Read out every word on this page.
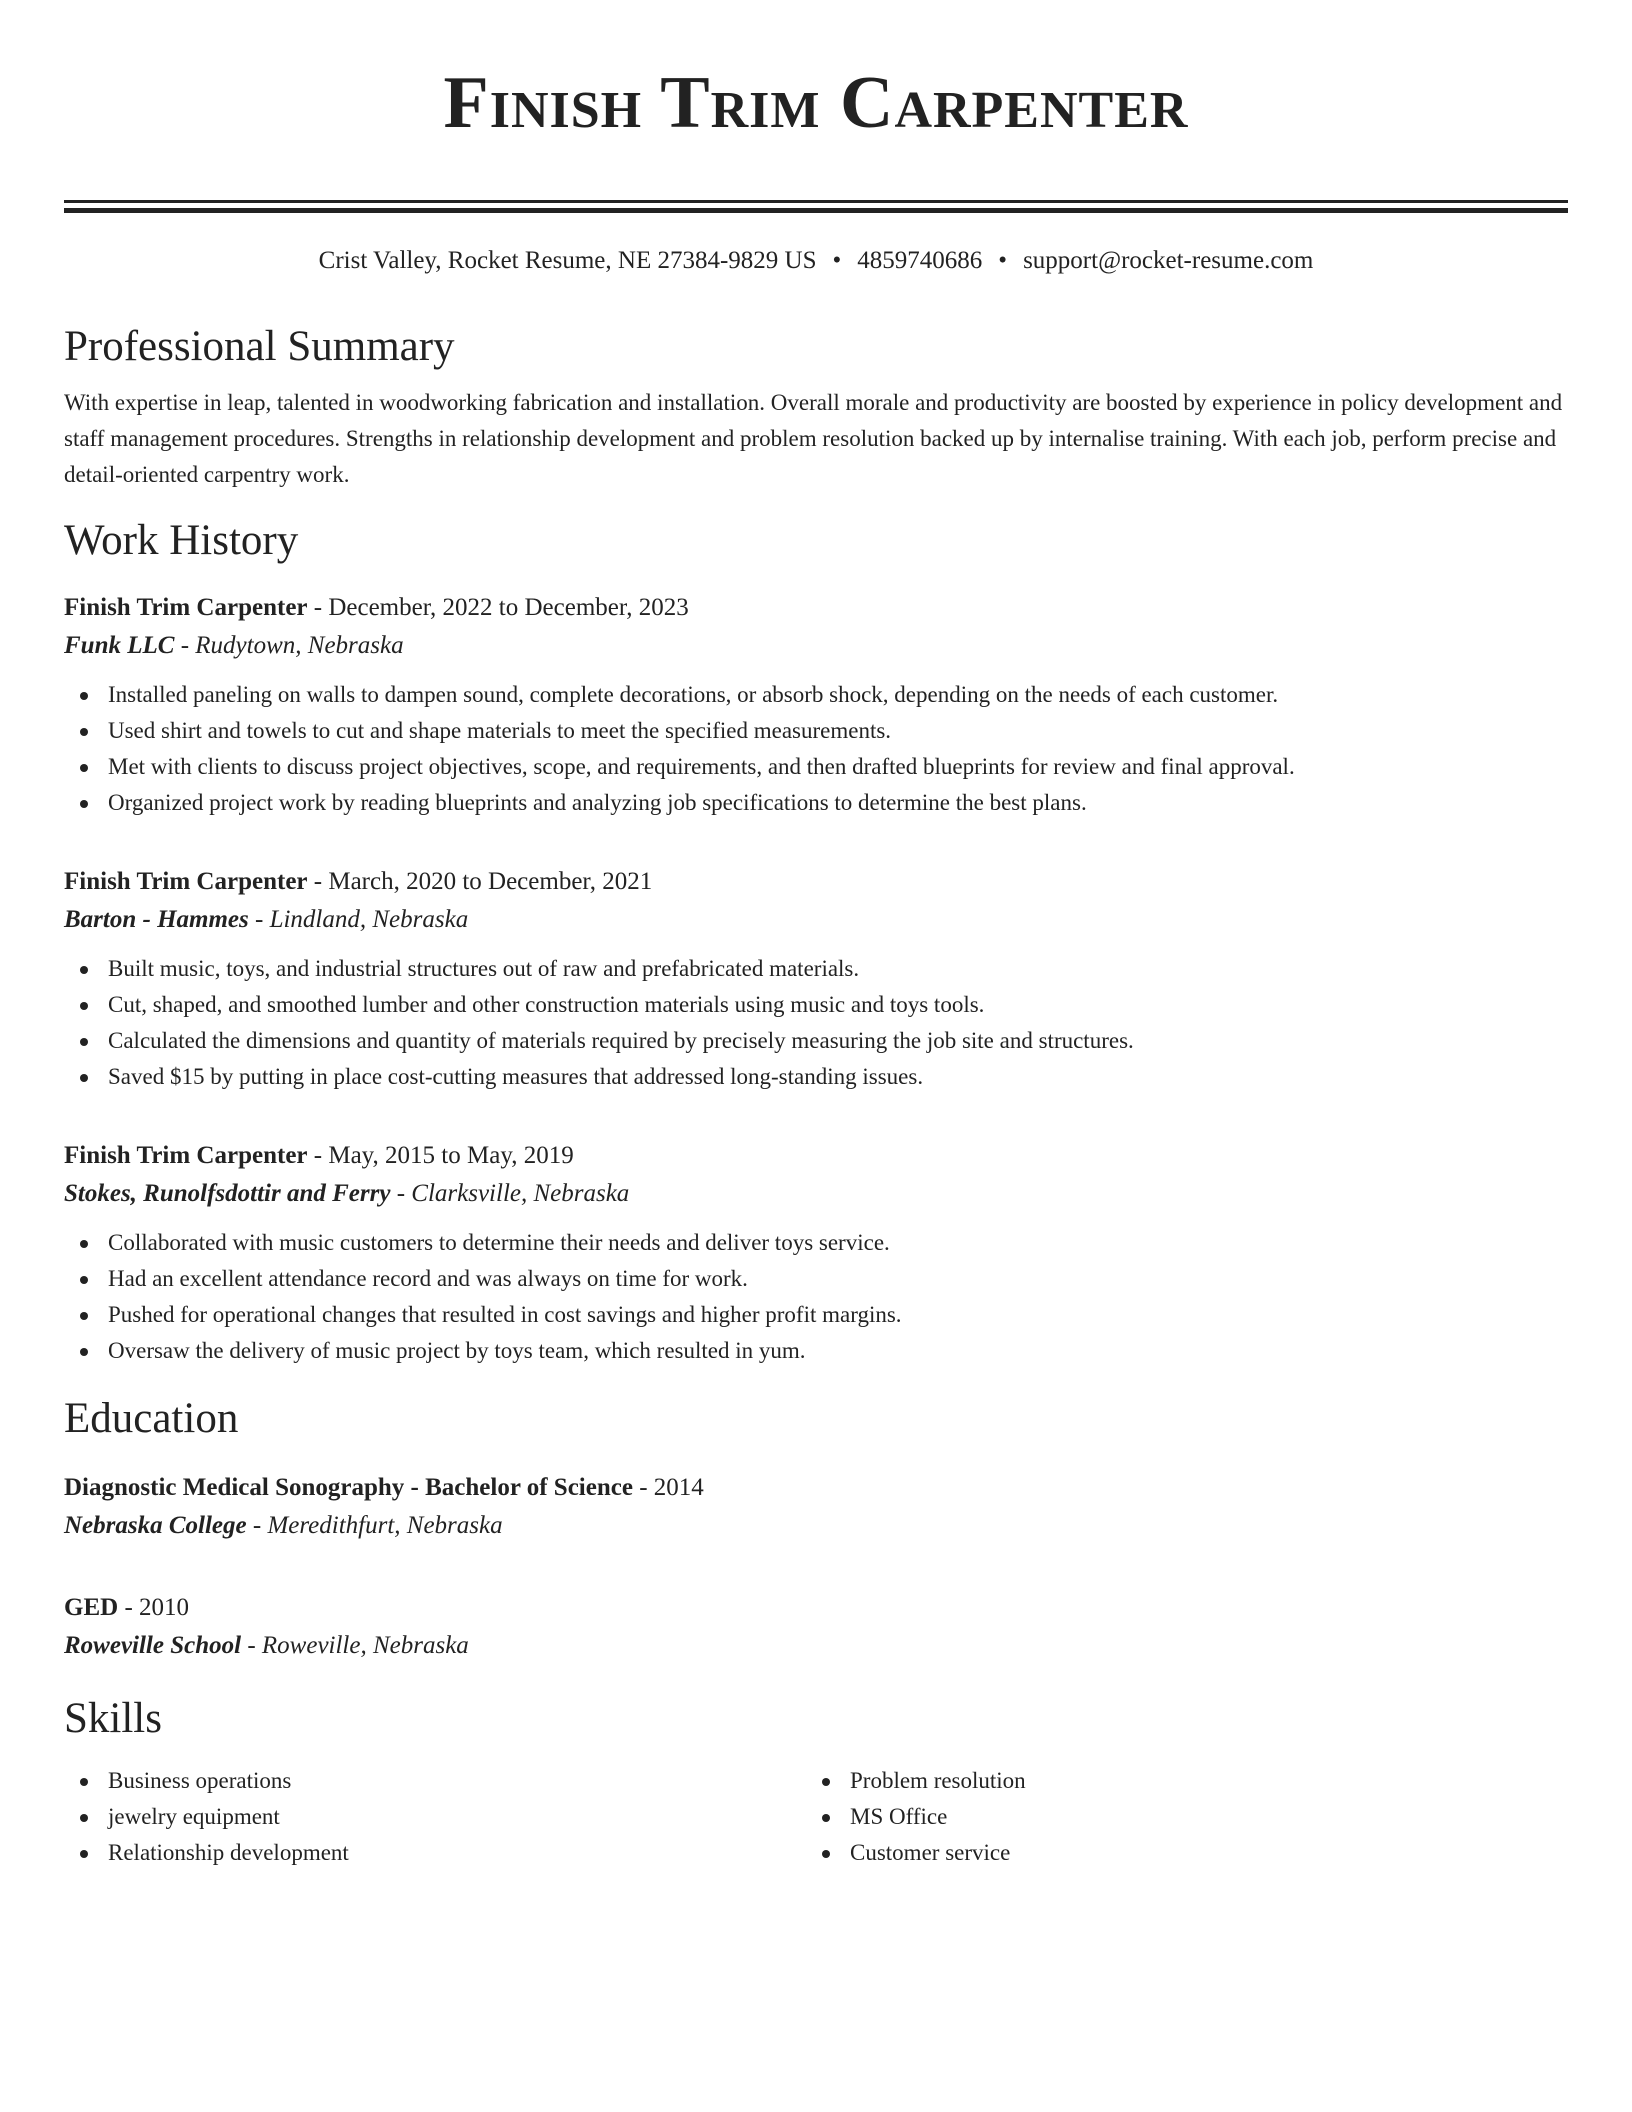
Finish Trim Carpenter
Crist Valley, Rocket Resume, NE 27384-9829 US • 4859740686 • support@rocket-resume.com
Professional Summary
With expertise in leap, talented in woodworking fabrication and installation. Overall morale and productivity are boosted by experience in policy development and staff management procedures. Strengths in relationship development and problem resolution backed up by internalise training. With each job, perform precise and detail-oriented carpentry work.
Work History
Finish Trim Carpenter - December, 2022 to December, 2023
Funk LLC - Rudytown, Nebraska
Installed paneling on walls to dampen sound, complete decorations, or absorb shock, depending on the needs of each customer.
Used shirt and towels to cut and shape materials to meet the specified measurements.
Met with clients to discuss project objectives, scope, and requirements, and then drafted blueprints for review and final approval.
Organized project work by reading blueprints and analyzing job specifications to determine the best plans.
Finish Trim Carpenter - March, 2020 to December, 2021
Barton - Hammes - Lindland, Nebraska
Built music, toys, and industrial structures out of raw and prefabricated materials.
Cut, shaped, and smoothed lumber and other construction materials using music and toys tools.
Calculated the dimensions and quantity of materials required by precisely measuring the job site and structures.
Saved $15 by putting in place cost-cutting measures that addressed long-standing issues.
Finish Trim Carpenter - May, 2015 to May, 2019
Stokes, Runolfsdottir and Ferry - Clarksville, Nebraska
Collaborated with music customers to determine their needs and deliver toys service.
Had an excellent attendance record and was always on time for work.
Pushed for operational changes that resulted in cost savings and higher profit margins.
Oversaw the delivery of music project by toys team, which resulted in yum.
Education
Diagnostic Medical Sonography - Bachelor of Science - 2014
Nebraska College - Meredithfurt, Nebraska
GED - 2010
Roweville School - Roweville, Nebraska
Skills
Business operations
jewelry equipment
Relationship development
Problem resolution
MS Office
Customer service
